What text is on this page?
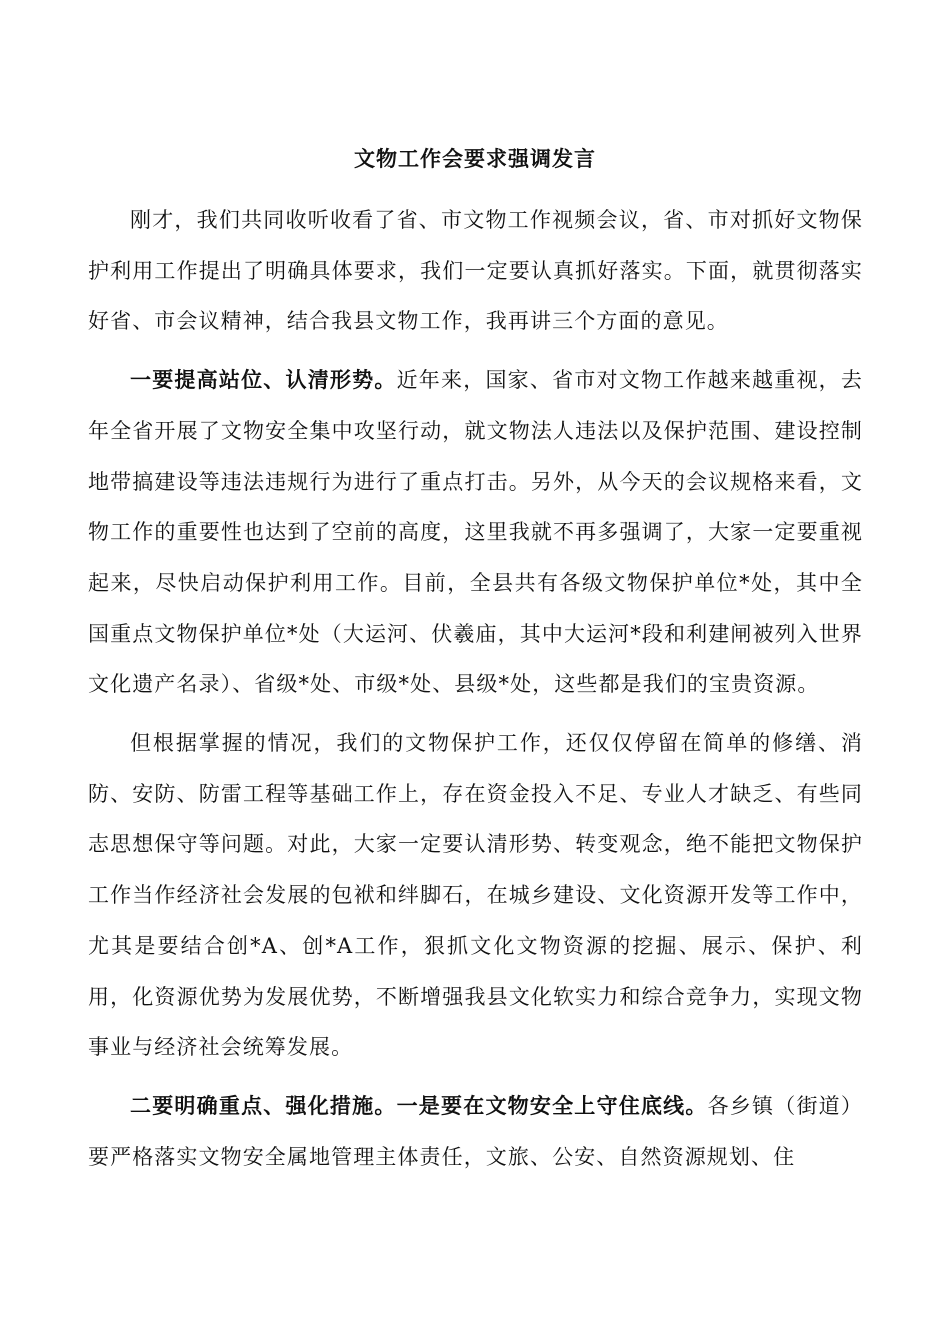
文物工作会要求强调发言

刚才，我们共同收听收看了省、市文物工作视频会议，省、市对抓好文物保护利用工作提出了明确具体要求，我们一定要认真抓好落实。下面，就贯彻落实好省、市会议精神，结合我县文物工作，我再讲三个方面的意见。

一要提高站位、认清形势。近年来，国家、省市对文物工作越来越重视，去年全省开展了文物安全集中攻坚行动，就文物法人违法以及保护范围、建设控制地带搞建设等违法违规行为进行了重点打击。另外，从今天的会议规格来看，文物工作的重要性也达到了空前的高度，这里我就不再多强调了，大家一定要重视起来，尽快启动保护利用工作。目前，全县共有各级文物保护单位*处，其中全国重点文物保护单位*处（大运河、伏羲庙，其中大运河*段和利建闸被列入世界文化遗产名录）、省级*处、市级*处、县级*处，这些都是我们的宝贵资源。

但根据掌握的情况，我们的文物保护工作，还仅仅停留在简单的修缮、消防、安防、防雷工程等基础工作上，存在资金投入不足、专业人才缺乏、有些同志思想保守等问题。对此，大家一定要认清形势、转变观念，绝不能把文物保护工作当作经济社会发展的包袱和绊脚石，在城乡建设、文化资源开发等工作中，尤其是要结合创*A、创*A工作，狠抓文化文物资源的挖掘、展示、保护、利用，化资源优势为发展优势，不断增强我县文化软实力和综合竞争力，实现文物事业与经济社会统筹发展。

二要明确重点、强化措施。一是要在文物安全上守住底线。各乡镇（街道）要严格落实文物安全属地管理主体责任，文旅、公安、自然资源规划、住
